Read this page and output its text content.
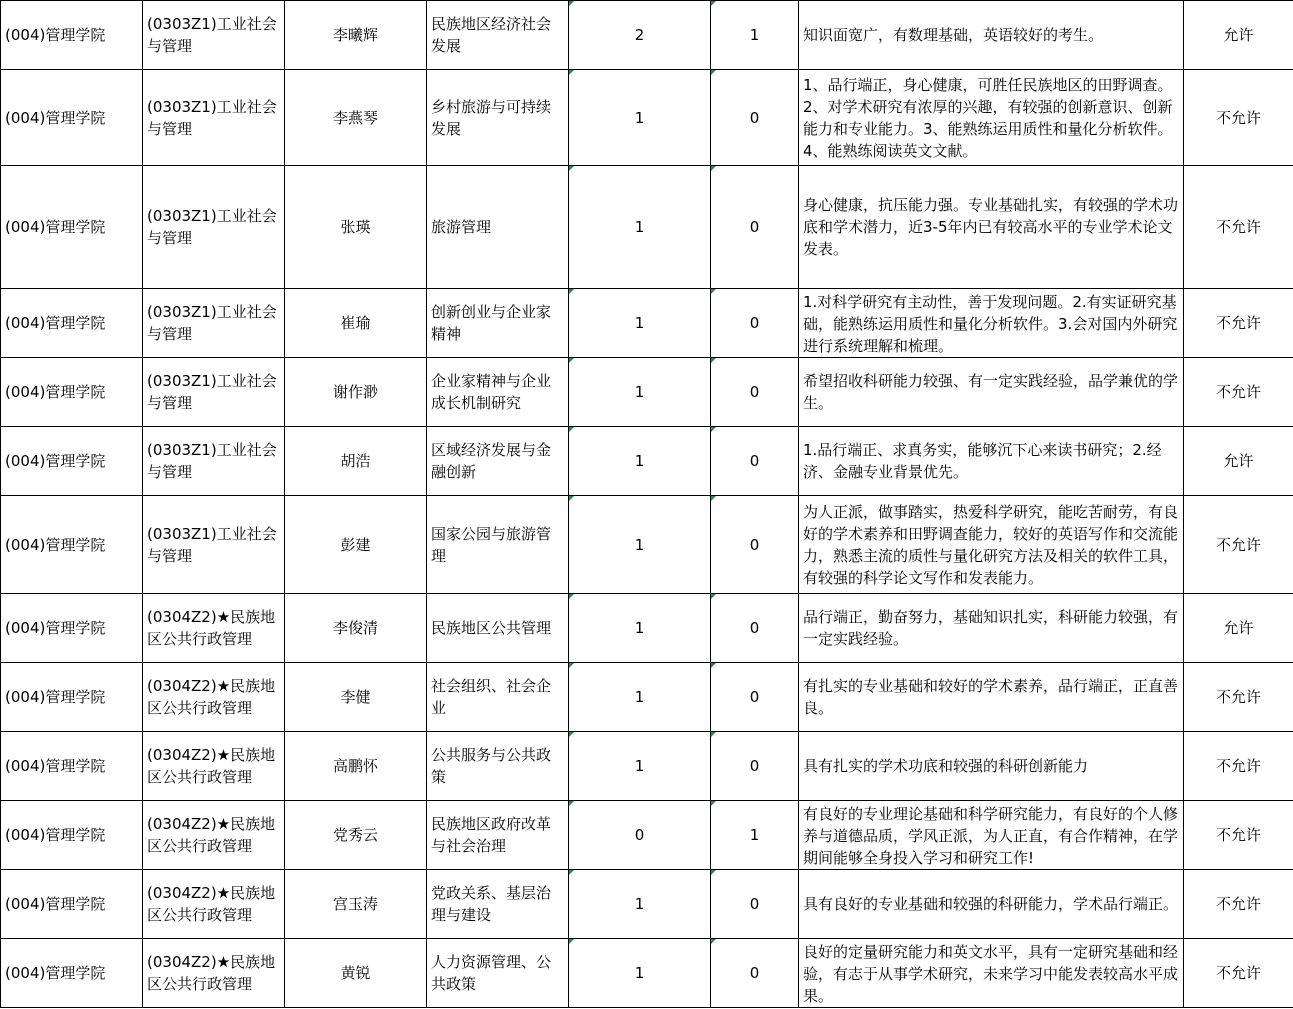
(004)管理学院	(0303Z1)工业社会与管理	李曦辉	民族地区经济社会发展	2	1	知识面宽广，有数理基础，英语较好的考生。	允许

(004)管理学院	(0303Z1)工业社会与管理	李燕琴	乡村旅游与可持续发展	1	0	1、品行端正，身心健康，可胜任民族地区的田野调查。2、对学术研究有浓厚的兴趣，有较强的创新意识、创新能力和专业能力。3、能熟练运用质性和量化分析软件。4、能熟练阅读英文文献。	不允许

(004)管理学院	(0303Z1)工业社会与管理	张瑛	旅游管理	1	0	身心健康，抗压能力强。专业基础扎实，有较强的学术功底和学术潜力，近3-5年内已有较高水平的专业学术论文发表。	不允许

(004)管理学院	(0303Z1)工业社会与管理	崔瑜	创新创业与企业家精神	1	0	1.对科学研究有主动性，善于发现问题。2.有实证研究基础，能熟练运用质性和量化分析软件。3.会对国内外研究进行系统理解和梳理。	不允许

(004)管理学院	(0303Z1)工业社会与管理	谢作渺	企业家精神与企业成长机制研究	1	0	希望招收科研能力较强、有一定实践经验，品学兼优的学生。	不允许

(004)管理学院	(0303Z1)工业社会与管理	胡浩	区域经济发展与金融创新	1	0	1.品行端正、求真务实，能够沉下心来读书研究；2.经济、金融专业背景优先。	允许

(004)管理学院	(0303Z1)工业社会与管理	彭建	国家公园与旅游管理	1	0	为人正派，做事踏实，热爱科学研究，能吃苦耐劳，有良好的学术素养和田野调查能力，较好的英语写作和交流能力，熟悉主流的质性与量化研究方法及相关的软件工具，有较强的科学论文写作和发表能力。	不允许

(004)管理学院	(0304Z2)★民族地区公共行政管理	李俊清	民族地区公共管理	1	0	品行端正，勤奋努力，基础知识扎实，科研能力较强，有一定实践经验。	允许

(004)管理学院	(0304Z2)★民族地区公共行政管理	李健	社会组织、社会企业	1	0	有扎实的专业基础和较好的学术素养，品行端正，正直善良。	不允许

(004)管理学院	(0304Z2)★民族地区公共行政管理	高鹏怀	公共服务与公共政策	1	0	具有扎实的学术功底和较强的科研创新能力	不允许

(004)管理学院	(0304Z2)★民族地区公共行政管理	党秀云	民族地区政府改革与社会治理	0	1	有良好的专业理论基础和科学研究能力，有良好的个人修养与道德品质，学风正派，为人正直，有合作精神，在学期间能够全身投入学习和研究工作!	不允许

(004)管理学院	(0304Z2)★民族地区公共行政管理	宫玉涛	党政关系、基层治理与建设	1	0	具有良好的专业基础和较强的科研能力，学术品行端正。	不允许

(004)管理学院	(0304Z2)★民族地区公共行政管理	黄锐	人力资源管理、公共政策	1	0	良好的定量研究能力和英文水平，具有一定研究基础和经验，有志于从事学术研究，未来学习中能发表较高水平成果。	不允许
